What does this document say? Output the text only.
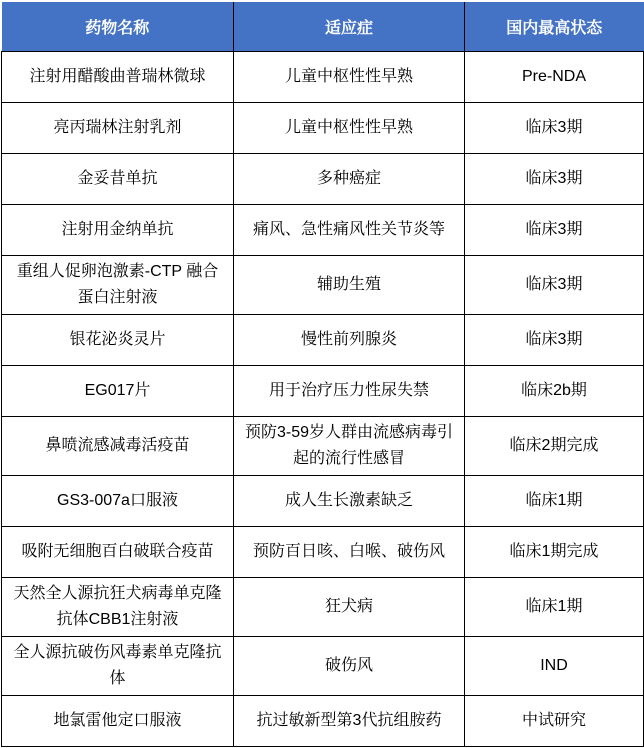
药物名称	适应症	国内最高状态
注射用醋酸曲普瑞林微球	儿童中枢性性早熟	Pre-NDA
亮丙瑞林注射乳剂	儿童中枢性性早熟	临床3期
金妥昔单抗	多种癌症	临床3期
注射用金纳单抗	痛风、急性痛风性关节炎等	临床3期
重组人促卵泡激素-CTP 融合蛋白注射液	辅助生殖	临床3期
银花泌炎灵片	慢性前列腺炎	临床3期
EG017片	用于治疗压力性尿失禁	临床2b期
鼻喷流感减毒活疫苗	预防3-59岁人群由流感病毒引起的流行性感冒	临床2期完成
GS3-007a口服液	成人生长激素缺乏	临床1期
吸附无细胞百白破联合疫苗	预防百日咳、白喉、破伤风	临床1期完成
天然全人源抗狂犬病毒单克隆抗体CBB1注射液	狂犬病	临床1期
全人源抗破伤风毒素单克隆抗体	破伤风	IND
地氯雷他定口服液	抗过敏新型第3代抗组胺药	中试研究
